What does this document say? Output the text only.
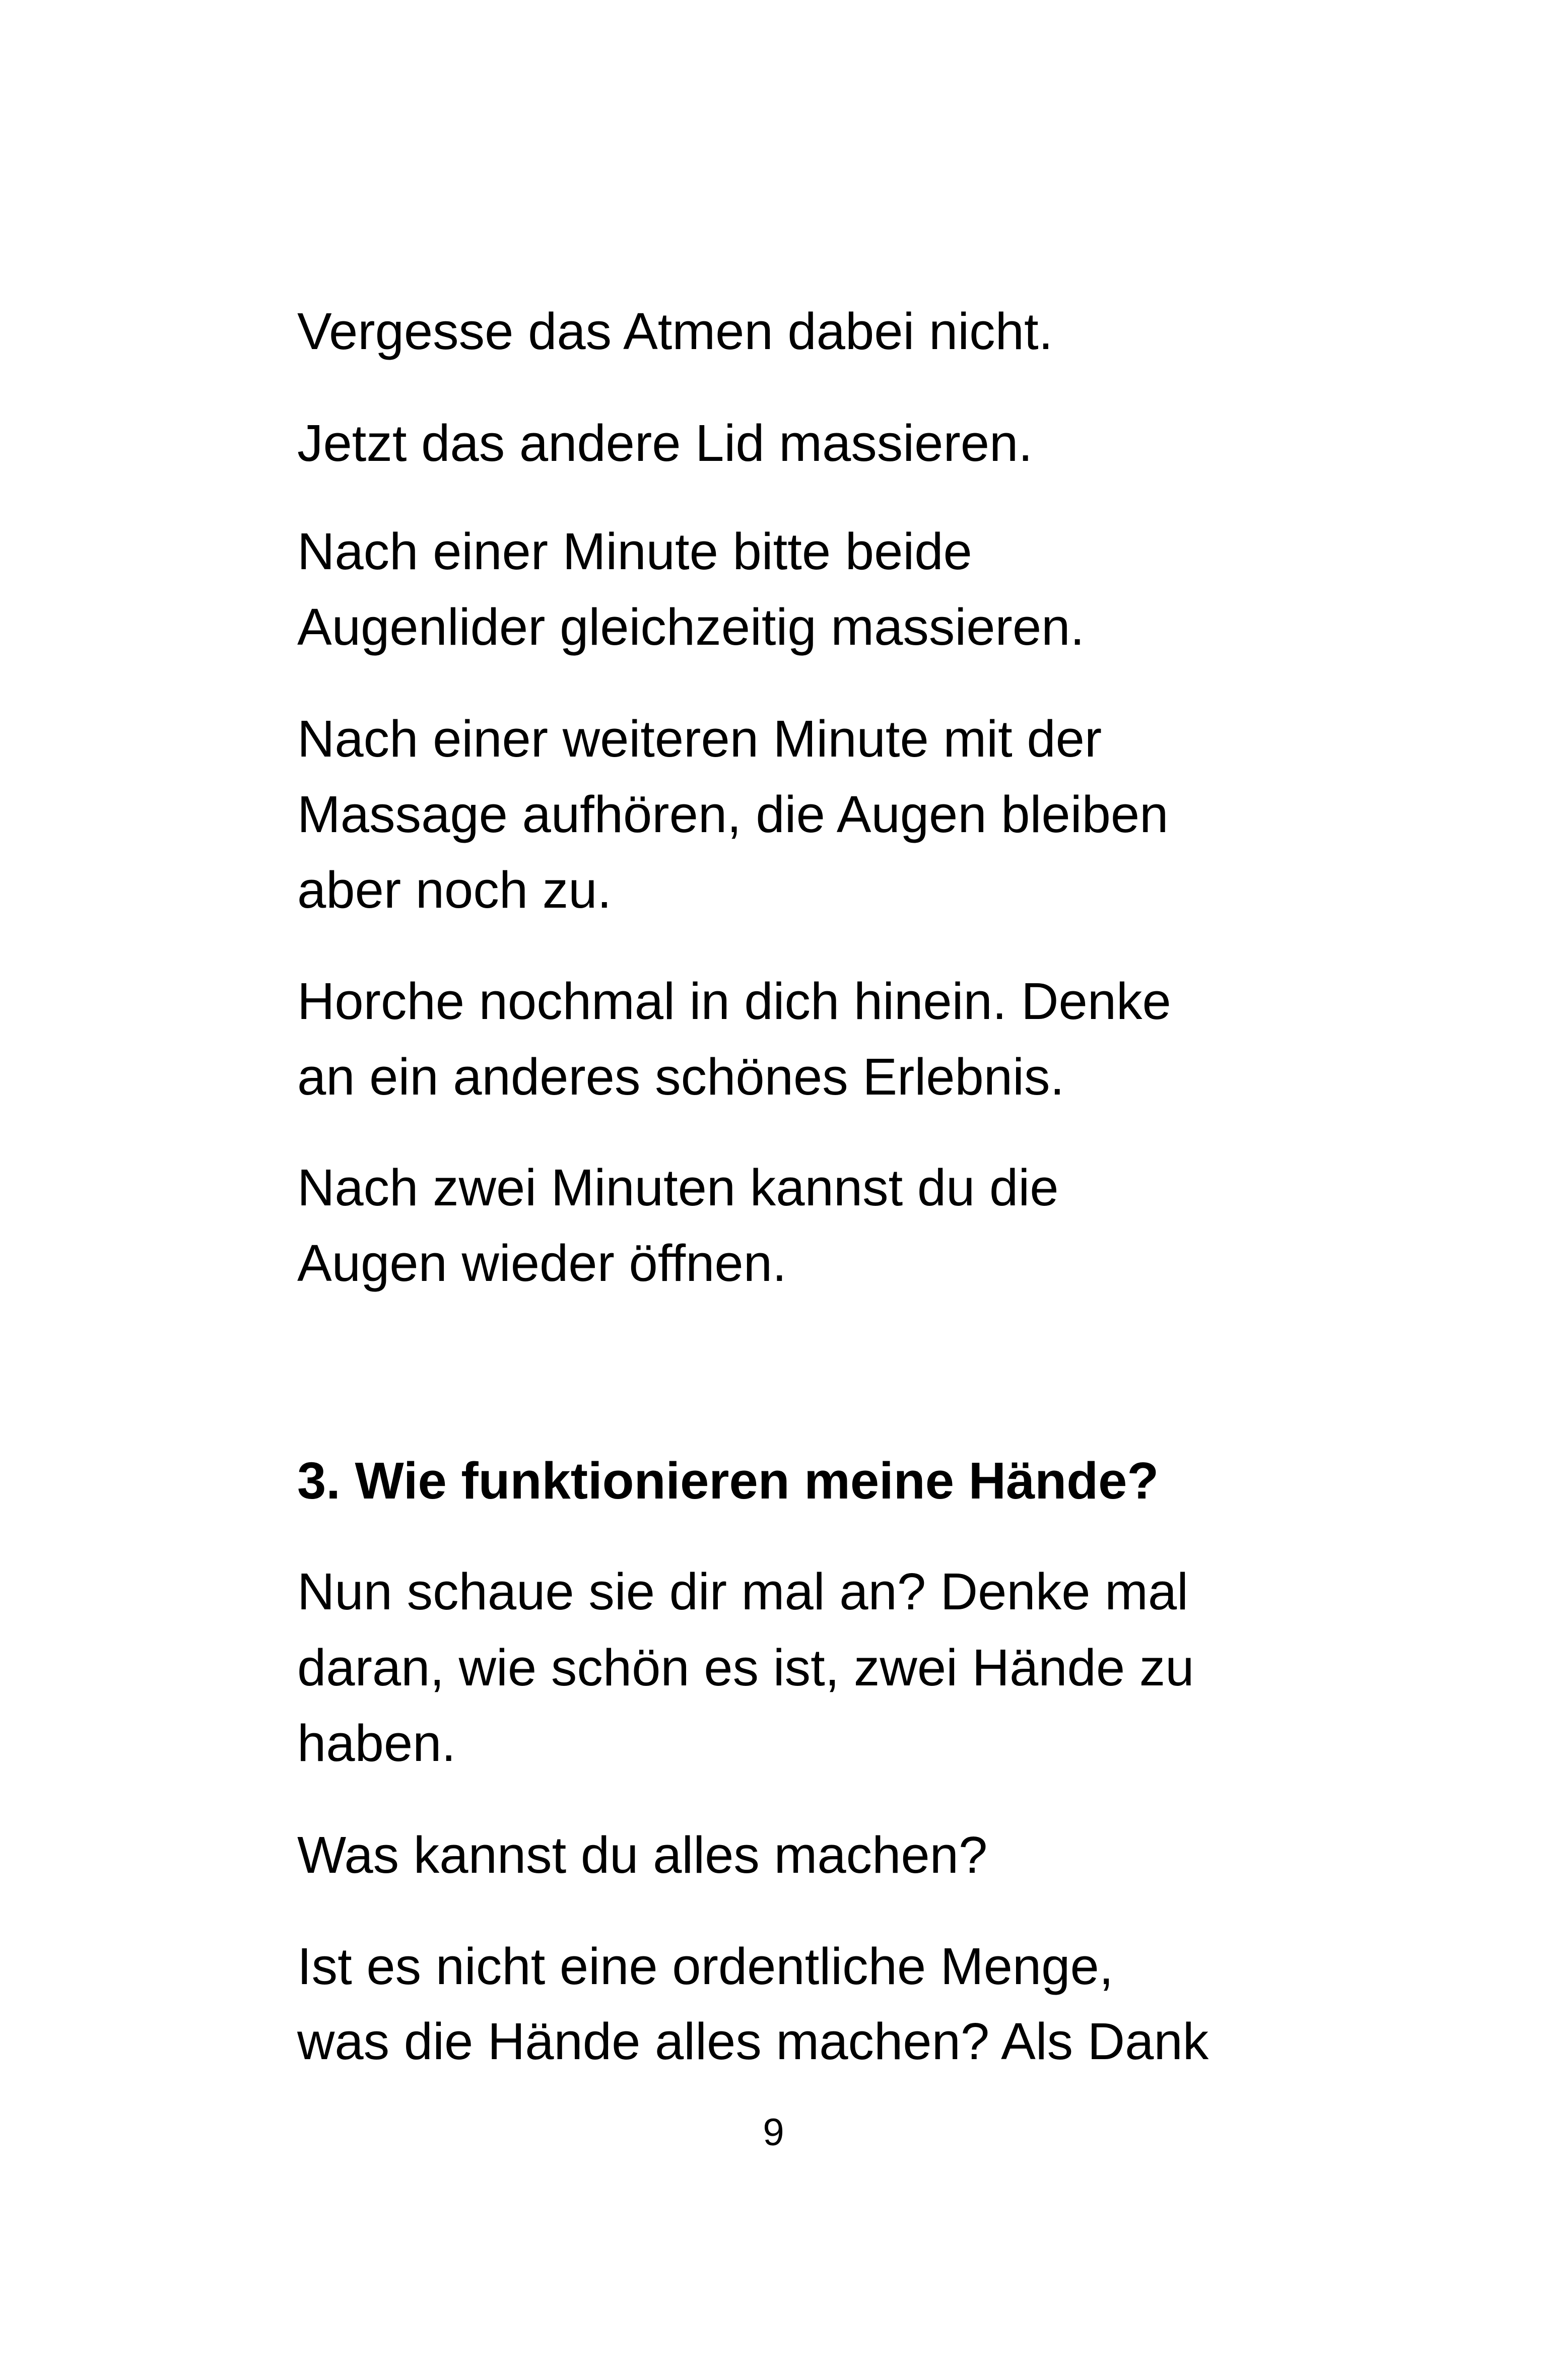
Vergesse das Atmen dabei nicht.

Jetzt das andere Lid massieren.

Nach einer Minute bitte beide

Augenlider gleichzeitig massieren.

Nach einer weiteren Minute mit der

Massage aufhören, die Augen bleiben

aber noch zu.

Horche nochmal in dich hinein. Denke

an ein anderes schönes Erlebnis.

Nach zwei Minuten kannst du die

Augen wieder öffnen.

3. Wie funktionieren meine Hände?

Nun schaue sie dir mal an? Denke mal

daran, wie schön es ist, zwei Hände zu

haben.

Was kannst du alles machen?

Ist es nicht eine ordentliche Menge,

was die Hände alles machen? Als Dank

9
